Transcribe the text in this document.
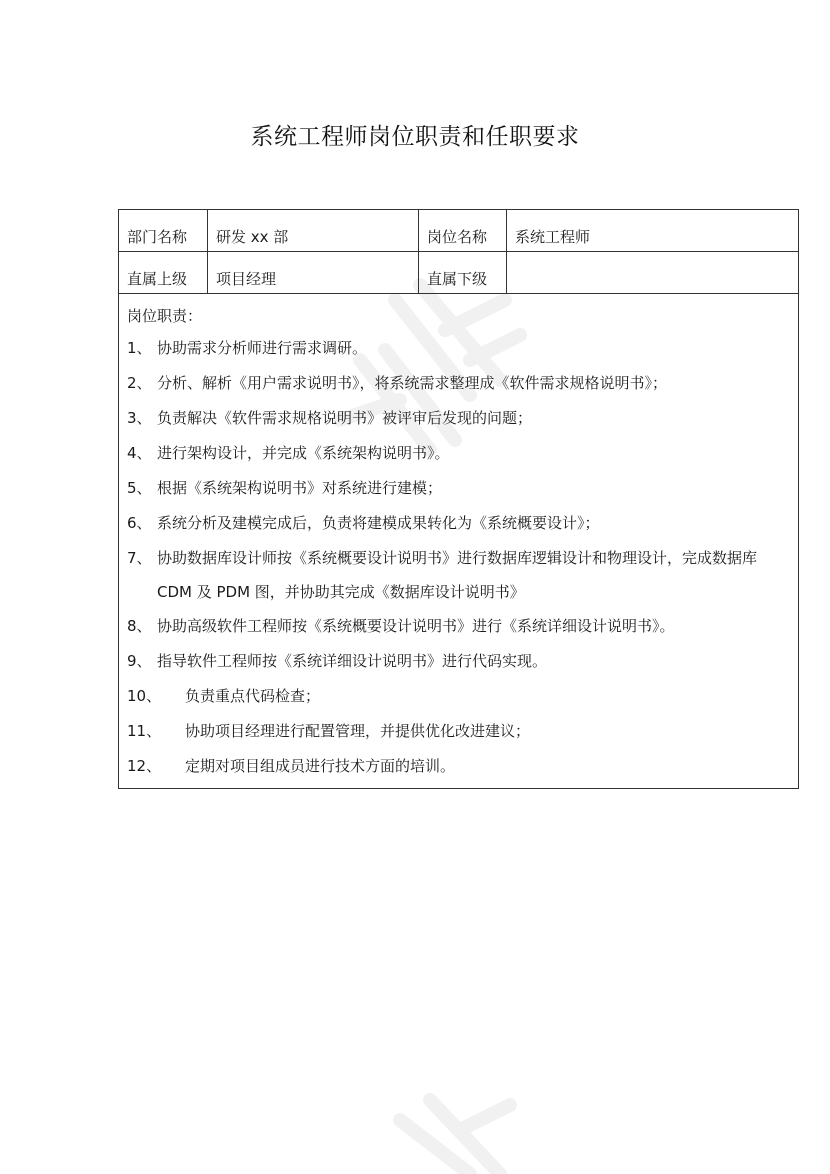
系统工程师岗位职责和任职要求
部门名称	研发 xx 部	岗位名称	系统工程师
直属上级	项目经理	直属下级
岗位职责：
1、 协助需求分析师进行需求调研。
2、 分析、解析《用户需求说明书》，将系统需求整理成《软件需求规格说明书》；
3、 负责解决《软件需求规格说明书》被评审后发现的问题；
4、 进行架构设计，并完成《系统架构说明书》。
5、 根据《系统架构说明书》对系统进行建模；
6、 系统分析及建模完成后，负责将建模成果转化为《系统概要设计》；
7、 协助数据库设计师按《系统概要设计说明书》进行数据库逻辑设计和物理设计，完成数据库 CDM 及 PDM 图，并协助其完成《数据库设计说明书》
8、 协助高级软件工程师按《系统概要设计说明书》进行《系统详细设计说明书》。
9、 指导软件工程师按《系统详细设计说明书》进行代码实现。
10、	负责重点代码检查；
11、	协助项目经理进行配置管理，并提供优化改进建议；
12、	定期对项目组成员进行技术方面的培训。
